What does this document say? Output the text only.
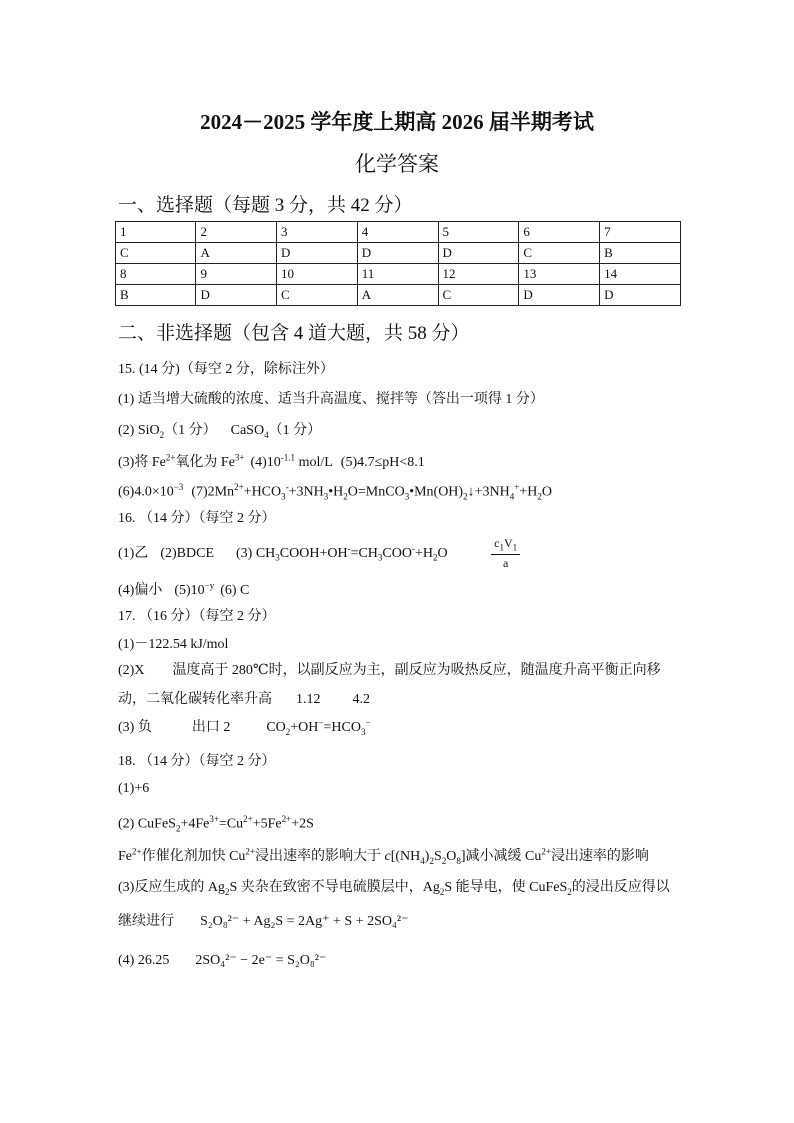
2024－2025 学年度上期高 2026 届半期考试
化学答案
一、选择题（每题 3 分，共 42 分）
1	2	3	4	5	6	7
C	A	D	D	D	C	B
8	9	10	11	12	13	14
B	D	C	A	C	D	D
二、非选择题（包含 4 道大题，共 58 分）
15. (14 分)（每空 2 分，除标注外）
(1) 适当增大硫酸的浓度、适当升高温度、搅拌等（答出一项得 1 分）
(2) SiO$_2$（1 分） CaSO$_4$（1 分）
(3)将 $Fe^{2+}$氧化为 $Fe^{3+}$ $(4)10^{-1.1}$ mol/L (5)4.7≤pH<8.1
$(6)4.0\times 10^{-3}$ $(7)2Mn^{2+}+HCO_3^-+3NH_3•H_2O=MnCO_3•Mn(OH)_2↓+3NH_4^++H_2O$
16. （14 分）（每空 2 分）
(1)乙 (2)BDCE (3) $CH_3COOH+OH^-=CH_3COO^-+H_2O$	$\frac{c_1V_1}{a}$
(4)偏小 $(5)10^{-y}$ (6) C
17. （16 分）（每空 2 分）
(1)－122.54 kJ/mol
(2)X 温度高于 280℃时，以副反应为主，副反应为吸热反应，随温度升高平衡正向移
动，二氧化碳转化率升高 1.12 4.2
(3) 负	出口 2	$CO_2+OH^-=HCO_3^-$
18. （14 分）（每空 2 分）
(1)+6
(2) $CuFeS_2+4Fe^{3+}=Cu^{2+}+5Fe^{2+}+2S$
$Fe^{2+}$作催化剂加快 $Cu^{2+}$浸出速率的影响大于 $c[(NH_4)_2S_2O_8]$减小减缓 $Cu^{2+}$浸出速率的影响
(3)反应生成的 $Ag_2S$ 夹杂在致密不导电硫膜层中，$Ag_2S$ 能导电，使 CuFeS$_2$的浸出反应得以
继续进行 S₂O₈²⁻ + Ag₂S = 2Ag⁺ + S + 2SO₄²⁻
(4) 26.25 2SO₄²⁻ − 2e⁻ = S₂O₈²⁻
